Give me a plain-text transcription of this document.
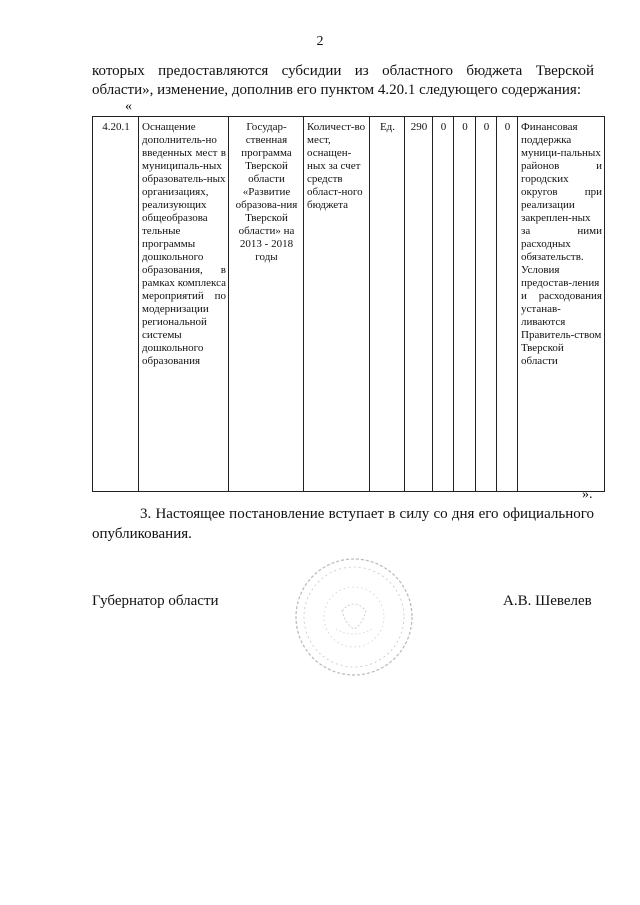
2

которых предоставляются субсидии из областного бюджета Тверской

области», изменение, дополнив его пунктом 4.20.1 следующего содержания:

«
4.20.1	Оснащение дополнитель-но введенных мест в муниципаль-ных образователь-ных организациях, реализующих общеобразова тельные программы дошкольного образования, в рамках комплекса мероприятий по модернизации региональной системы дошкольного образования	Государ-ственная программа Тверской области «Развитие образова-ния Тверской области» на 2013 - 2018 годы	Количест-во мест, оснащен-ных за счет средств област-ного бюджета	Ед.	290	0	0	0	0	Финансовая поддержка муници-пальных районов и городских округов при реализации закреплен-ных за ними расходных обязательств. Условия предостав-ления и расходования устанав-ливаются Правитель-ством Тверской области
».

3. Настоящее постановление вступает в силу со дня его официального опубликования.

Губернатор области	А.В. Шевелев
